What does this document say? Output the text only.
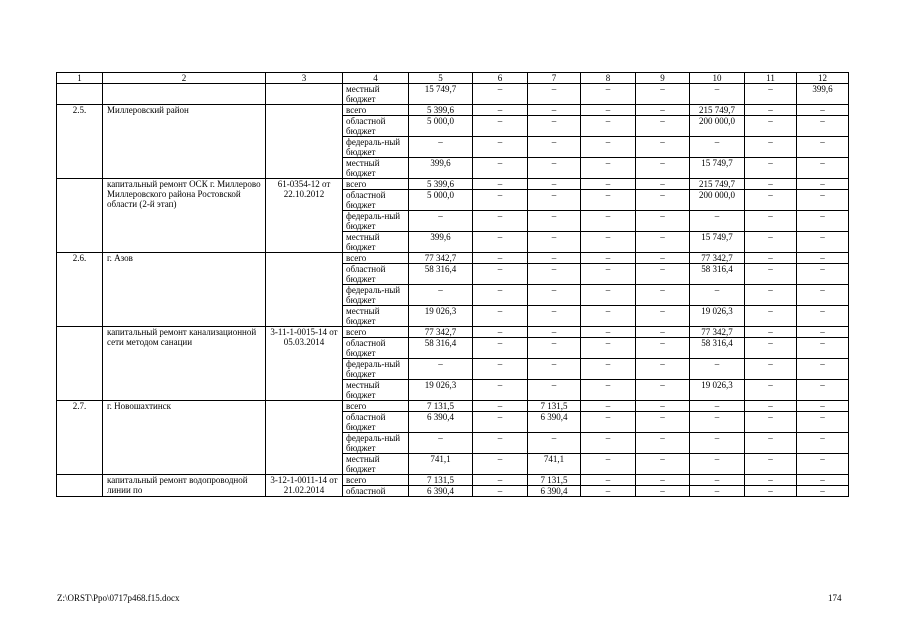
1	2	3	4	5	6	7	8	9	10	11	12
			местный бюджет	15 749,7	–	–	–	–	–	–	399,6
2.5.	Миллеровский район		всего	5 399,6	–	–	–	–	215 749,7	–	–
			областной бюджет	5 000,0	–	–	–	–	200 000,0	–	–
			федераль-ный бюджет	–	–	–	–	–	–	–	–
			местный бюджет	399,6	–	–	–	–	15 749,7	–	–
	капитальный ремонт ОСК г. Миллерово Миллеровского района Ростовской области (2-й этап)	61-0354-12 от 22.10.2012	всего	5 399,6	–	–	–	–	215 749,7	–	–
			областной бюджет	5 000,0	–	–	–	–	200 000,0	–	–
			федераль-ный бюджет	–	–	–	–	–	–	–	–
			местный бюджет	399,6	–	–	–	–	15 749,7	–	–
2.6.	г. Азов		всего	77 342,7	–	–	–	–	77 342,7	–	–
			областной бюджет	58 316,4	–	–	–	–	58 316,4	–	–
			федераль-ный бюджет	–	–	–	–	–	–	–	–
			местный бюджет	19 026,3	–	–	–	–	19 026,3	–	–
	капитальный ремонт канализационной сети методом санации	3-11-1-0015-14 от 05.03.2014	всего	77 342,7	–	–	–	–	77 342,7	–	–
			областной бюджет	58 316,4	–	–	–	–	58 316,4	–	–
			федераль-ный бюджет	–	–	–	–	–	–	–	–
			местный бюджет	19 026,3	–	–	–	–	19 026,3	–	–
2.7.	г. Новошахтинск		всего	7 131,5	–	7 131,5	–	–	–	–	–
			областной бюджет	6 390,4	–	6 390,4	–	–	–	–	–
			федераль-ный бюджет	–	–	–	–	–	–	–	–
			местный бюджет	741,1	–	741,1	–	–	–	–	–
	капитальный ремонт водопроводной линии по	3-12-1-0011-14 от 21.02.2014	всего	7 131,5	–	7 131,5	–	–	–	–	–
			областной	6 390,4	–	6 390,4	–	–	–	–	–
Z:\ORST\Ppo\0717p468.f15.docx	174
